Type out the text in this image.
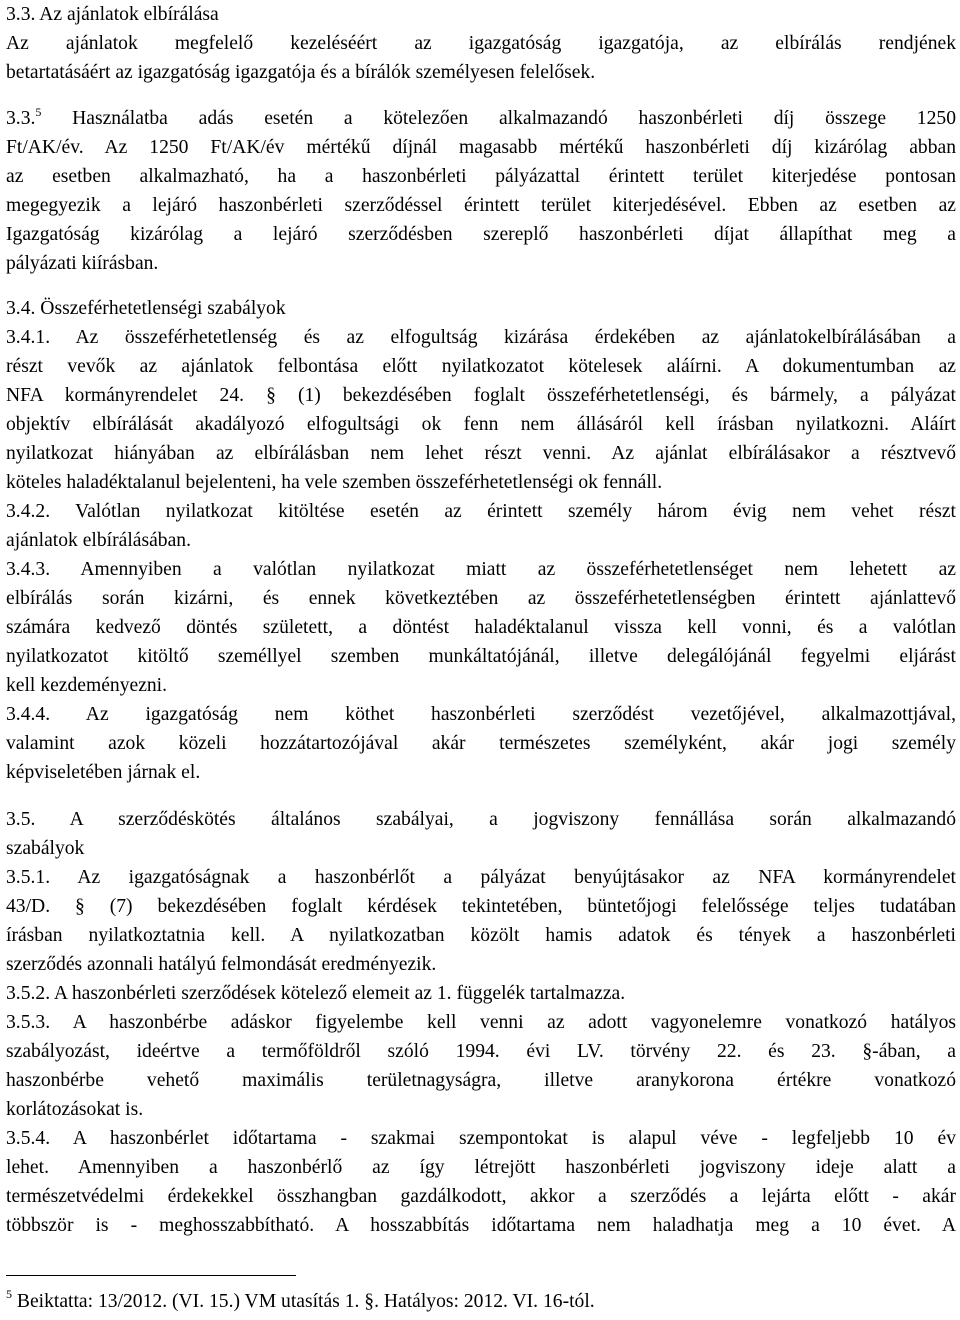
3.3. Az ajánlatok elbírálása
Az ajánlatok megfelelő kezeléséért az igazgatóság igazgatója, az elbírálás rendjének
betartatásáért az igazgatóság igazgatója és a bírálók személyesen felelősek.
3.3.$^5$ Használatba adás esetén a kötelezően alkalmazandó haszonbérleti díj összege 1250
Ft/AK/év. Az 1250 Ft/AK/év mértékű díjnál magasabb mértékű haszonbérleti díj kizárólag abban
az esetben alkalmazható, ha a haszonbérleti pályázattal érintett terület kiterjedése pontosan
megegyezik a lejáró haszonbérleti szerződéssel érintett terület kiterjedésével. Ebben az esetben az
Igazgatóság kizárólag a lejáró szerződésben szereplő haszonbérleti díjat állapíthat meg a
pályázati kiírásban.
3.4. Összeférhetetlenségi szabályok
3.4.1. Az összeférhetetlenség és az elfogultság kizárása érdekében az ajánlatokelbírálásában a
részt vevők az ajánlatok felbontása előtt nyilatkozatot kötelesek aláírni. A dokumentumban az
NFA kormányrendelet 24. § (1) bekezdésében foglalt összeférhetetlenségi, és bármely, a pályázat
objektív elbírálását akadályozó elfogultsági ok fenn nem állásáról kell írásban nyilatkozni. Aláírt
nyilatkozat hiányában az elbírálásban nem lehet részt venni. Az ajánlat elbírálásakor a résztvevő
köteles haladéktalanul bejelenteni, ha vele szemben összeférhetetlenségi ok fennáll.
3.4.2. Valótlan nyilatkozat kitöltése esetén az érintett személy három évig nem vehet részt
ajánlatok elbírálásában.
3.4.3. Amennyiben a valótlan nyilatkozat miatt az összeférhetetlenséget nem lehetett az
elbírálás során kizárni, és ennek következtében az összeférhetetlenségben érintett ajánlattevő
számára kedvező döntés született, a döntést haladéktalanul vissza kell vonni, és a valótlan
nyilatkozatot kitöltő személlyel szemben munkáltatójánál, illetve delegálójánál fegyelmi eljárást
kell kezdeményezni.
3.4.4. Az igazgatóság nem köthet haszonbérleti szerződést vezetőjével, alkalmazottjával,
valamint azok közeli hozzátartozójával akár természetes személyként, akár jogi személy
képviseletében járnak el.
3.5. A szerződéskötés általános szabályai, a jogviszony fennállása során alkalmazandó
szabályok
3.5.1. Az igazgatóságnak a haszonbérlőt a pályázat benyújtásakor az NFA kormányrendelet
43/D. § (7) bekezdésében foglalt kérdések tekintetében, büntetőjogi felelőssége teljes tudatában
írásban nyilatkoztatnia kell. A nyilatkozatban közölt hamis adatok és tények a haszonbérleti
szerződés azonnali hatályú felmondását eredményezik.
3.5.2. A haszonbérleti szerződések kötelező elemeit az 1. függelék tartalmazza.
3.5.3. A haszonbérbe adáskor figyelembe kell venni az adott vagyonelemre vonatkozó hatályos
szabályozást, ideértve a termőföldről szóló 1994. évi LV. törvény 22. és 23. §-ában, a
haszonbérbe vehető maximális területnagyságra, illetve aranykorona értékre vonatkozó
korlátozásokat is.
3.5.4. A haszonbérlet időtartama - szakmai szempontokat is alapul véve - legfeljebb 10 év
lehet. Amennyiben a haszonbérlő az így létrejött haszonbérleti jogviszony ideje alatt a
természetvédelmi érdekekkel összhangban gazdálkodott, akkor a szerződés a lejárta előtt - akár
többször is - meghosszabbítható. A hosszabbítás időtartama nem haladhatja meg a 10 évet. A
$^5$ Beiktatta: 13/2012. (VI. 15.) VM utasítás 1. §. Hatályos: 2012. VI. 16-tól.
